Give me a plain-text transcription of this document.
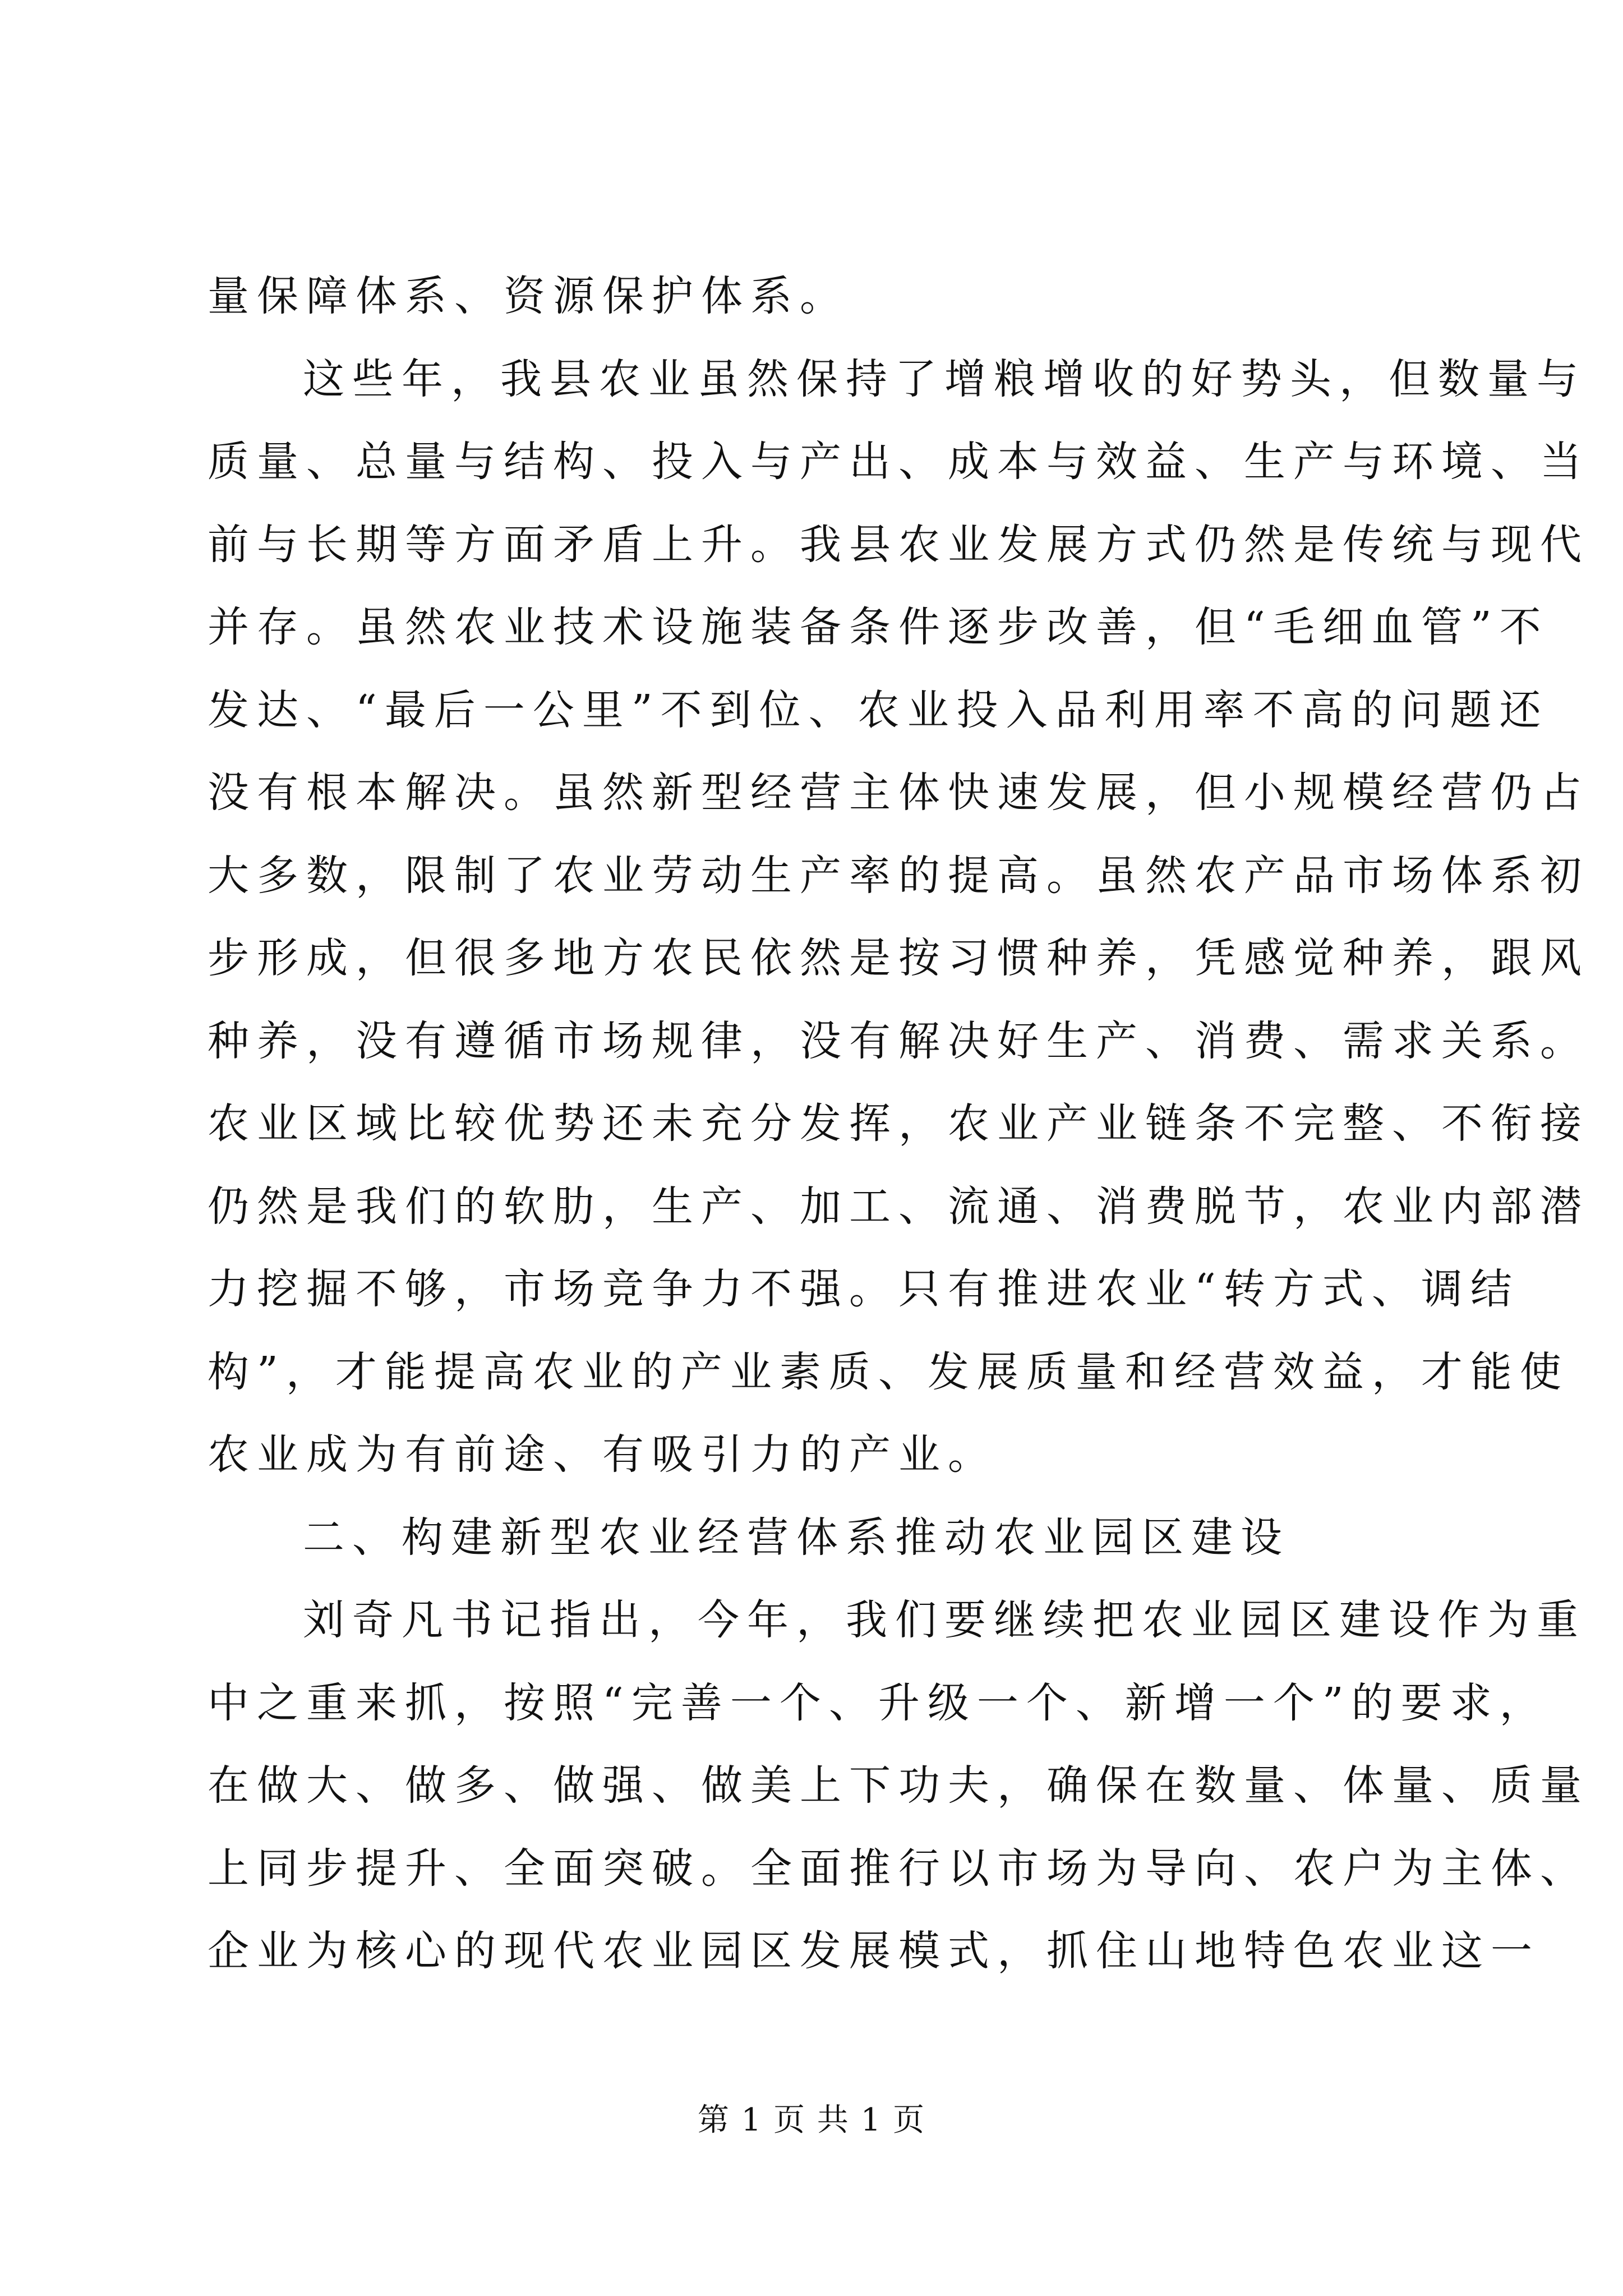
量保障体系、资源保护体系。
这些年，我县农业虽然保持了增粮增收的好势头，但数量与
质量、总量与结构、投入与产出、成本与效益、生产与环境、当
前与长期等方面矛盾上升。我县农业发展方式仍然是传统与现代
并存。虽然农业技术设施装备条件逐步改善，但“毛细血管”不
发达、“最后一公里”不到位、农业投入品利用率不高的问题还
没有根本解决。虽然新型经营主体快速发展，但小规模经营仍占
大多数，限制了农业劳动生产率的提高。虽然农产品市场体系初
步形成，但很多地方农民依然是按习惯种养，凭感觉种养，跟风
种养，没有遵循市场规律，没有解决好生产、消费、需求关系。
农业区域比较优势还未充分发挥，农业产业链条不完整、不衔接
仍然是我们的软肋，生产、加工、流通、消费脱节，农业内部潜
力挖掘不够，市场竞争力不强。只有推进农业“转方式、调结
构”，才能提高农业的产业素质、发展质量和经营效益，才能使
农业成为有前途、有吸引力的产业。
二、构建新型农业经营体系推动农业园区建设
刘奇凡书记指出，今年，我们要继续把农业园区建设作为重
中之重来抓，按照“完善一个、升级一个、新增一个”的要求，
在做大、做多、做强、做美上下功夫，确保在数量、体量、质量
上同步提升、全面突破。全面推行以市场为导向、农户为主体、
企业为核心的现代农业园区发展模式，抓住山地特色农业这一
第 1 页 共 1 页
